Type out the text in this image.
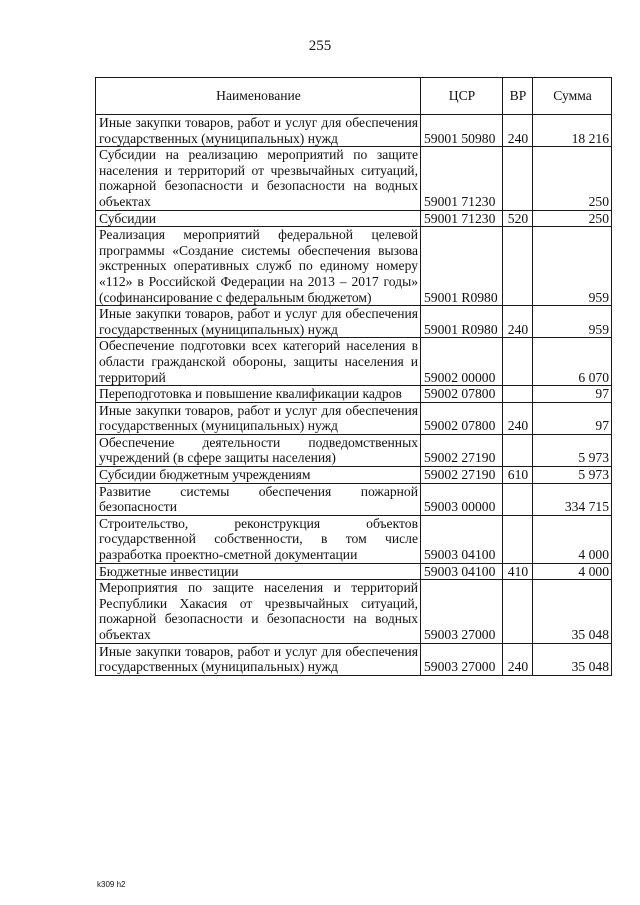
255
Наименование	ЦСР	ВР	Сумма
Иные закупки товаров, работ и услуг для обеспечения государственных (муниципальных) нужд	59001 50980	240	18 216
Субсидии на реализацию мероприятий по защите населения и территорий от чрезвычайных ситуаций, пожарной безопасности и безопасности на водных объектах	59001 71230		250
Субсидии	59001 71230	520	250
Реализация мероприятий федеральной целевой программы «Создание системы обеспечения вызова экстренных оперативных служб по единому номеру «112» в Российской Федерации на 2013 – 2017 годы» (софинансирование с федеральным бюджетом)	59001 R0980		959
Иные закупки товаров, работ и услуг для обеспечения государственных (муниципальных) нужд	59001 R0980	240	959
Обеспечение подготовки всех категорий населения в области гражданской обороны, защиты населения и территорий	59002 00000		6 070
Переподготовка и повышение квалификации кадров	59002 07800		97
Иные закупки товаров, работ и услуг для обеспечения государственных (муниципальных) нужд	59002 07800	240	97
Обеспечение деятельности подведомственных учреждений (в сфере защиты населения)	59002 27190		5 973
Субсидии бюджетным учреждениям	59002 27190	610	5 973
Развитие системы обеспечения пожарной безопасности	59003 00000		334 715
Строительство, реконструкция объектов государственной собственности, в том числе разработка проектно-сметной документации	59003 04100		4 000
Бюджетные инвестиции	59003 04100	410	4 000
Мероприятия по защите населения и территорий Республики Хакасия от чрезвычайных ситуаций, пожарной безопасности и безопасности на водных объектах	59003 27000		35 048
Иные закупки товаров, работ и услуг для обеспечения государственных (муниципальных) нужд	59003 27000	240	35 048
k309 h2
